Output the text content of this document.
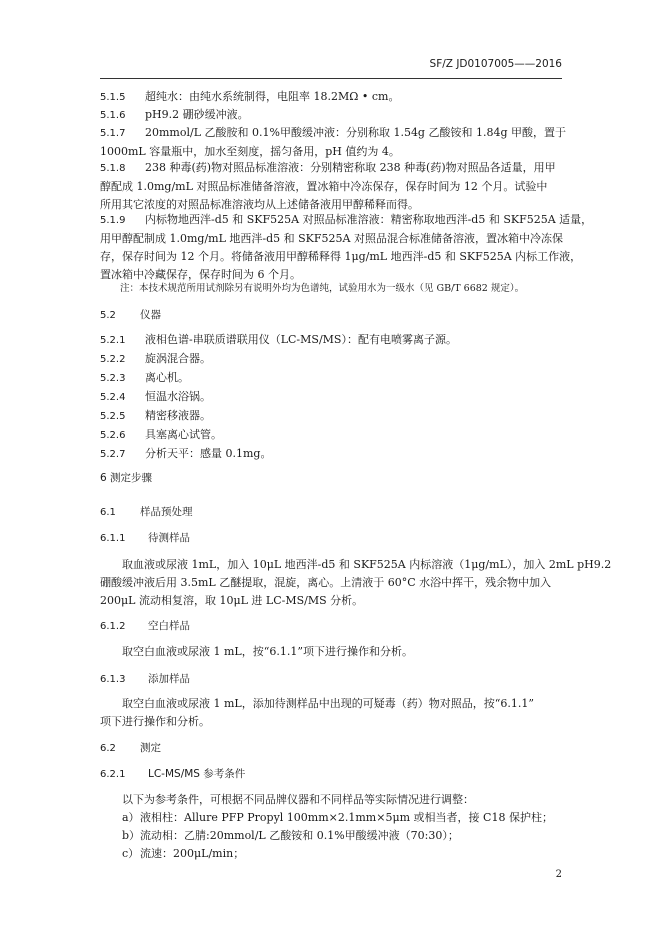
SF/Z JD0107005——2016
5.1.5 超纯水：由纯水系统制得，电阻率 18.2MΩ • cm。
5.1.6 pH9.2 硼砂缓冲液。
5.1.7 20mmol/L 乙酸胺和 0.1%甲酸缓冲液：分别称取 1.54g 乙酸铵和 1.84g 甲酸，置于
1000mL 容量瓶中，加水至刻度，摇匀备用，pH 值约为 4。
5.1.8 238 种毒(药)物对照品标准溶液：分别精密称取 238 种毒(药)物对照品各适量，用甲
醇配成 1.0mg/mL 对照品标准储备溶液，置冰箱中冷冻保存，保存时间为 12 个月。试验中
所用其它浓度的对照品标准溶液均从上述储备液用甲醇稀释而得。
5.1.9 内标物地西泮-d5 和 SKF525A 对照品标准溶液：精密称取地西泮-d5 和 SKF525A 适量，
用甲醇配制成 1.0mg/mL 地西泮-d5 和 SKF525A 对照品混合标准储备溶液，置冰箱中冷冻保
存，保存时间为 12 个月。将储备液用甲醇稀释得 1μg/mL 地西泮-d5 和 SKF525A 内标工作液，
置冰箱中冷藏保存，保存时间为 6 个月。
注：本技术规范所用试剂除另有说明外均为色谱纯，试验用水为一级水（见 GB/T 6682 规定）。
5.2 仪器
5.2.1 液相色谱-串联质谱联用仪（LC-MS/MS）：配有电喷雾离子源。
5.2.2 旋涡混合器。
5.2.3 离心机。
5.2.4 恒温水浴锅。
5.2.5 精密移液器。
5.2.6 具塞离心试管。
5.2.7 分析天平：感量 0.1mg。
6 测定步骤
6.1 样品预处理
6.1.1 待测样品
取血液或尿液 1mL，加入 10μL 地西泮-d5 和 SKF525A 内标溶液（1μg/mL），加入 2mL pH9.2
硼酸缓冲液后用 3.5mL 乙醚提取，混旋，离心。上清液于 60°C 水浴中挥干，残余物中加入
200μL 流动相复溶，取 10μL 进 LC-MS/MS 分析。
6.1.2 空白样品
取空白血液或尿液 1 mL，按“6.1.1”项下进行操作和分析。
6.1.3 添加样品
取空白血液或尿液 1 mL，添加待测样品中出现的可疑毒（药）物对照品，按“6.1.1”
项下进行操作和分析。
6.2 测定
6.2.1 LC-MS/MS 参考条件
以下为参考条件，可根据不同品牌仪器和不同样品等实际情况进行调整：
a）液相柱：Allure PFP Propyl 100mm×2.1mm×5μm 或相当者，接 C18 保护柱；
b）流动相：乙腈:20mmol/L 乙酸铵和 0.1%甲酸缓冲液（70:30）；
c）流速：200μL/min；
2
